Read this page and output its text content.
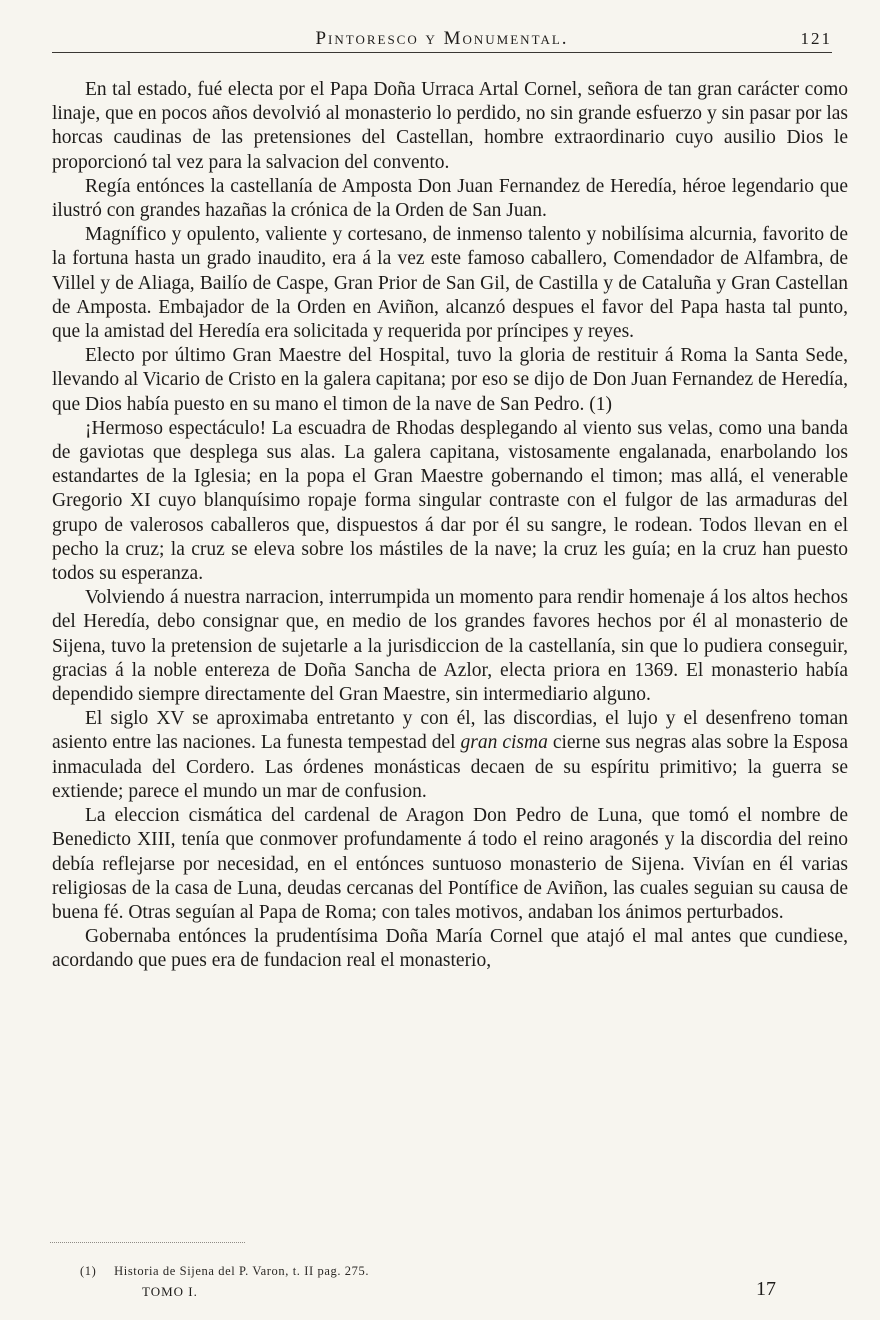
Pintoresco y Monumental.	121

En tal estado, fué electa por el Papa Doña Urraca Artal Cornel, señora de tan gran carácter como linaje, que en pocos años devolvió al monasterio lo perdido, no sin grande esfuerzo y sin pasar por las horcas caudinas de las pretensiones del Castellan, hombre extraordinario cuyo ausilio Dios le proporcionó tal vez para la salvacion del convento.

Regía entónces la castellanía de Amposta Don Juan Fernandez de Heredía, héroe legendario que ilustró con grandes hazañas la crónica de la Orden de San Juan.

Magnífico y opulento, valiente y cortesano, de inmenso talento y nobilísima alcurnia, favorito de la fortuna hasta un grado inaudito, era á la vez este famoso caballero, Comendador de Alfambra, de Villel y de Aliaga, Bailío de Caspe, Gran Prior de San Gil, de Castilla y de Cataluña y Gran Castellan de Amposta. Embajador de la Orden en Aviñon, alcanzó despues el favor del Papa hasta tal punto, que la amistad del Heredía era solicitada y requerida por príncipes y reyes.

Electo por último Gran Maestre del Hospital, tuvo la gloria de restituir á Roma la Santa Sede, llevando al Vicario de Cristo en la galera capitana; por eso se dijo de Don Juan Fernandez de Heredía, que Dios había puesto en su mano el timon de la nave de San Pedro. (1)

¡Hermoso espectáculo! La escuadra de Rhodas desplegando al viento sus velas, como una banda de gaviotas que desplega sus alas. La galera capitana, vistosamente engalanada, enarbolando los estandartes de la Iglesia; en la popa el Gran Maestre gobernando el timon; mas allá, el venerable Gregorio XI cuyo blanquísimo ropaje forma singular contraste con el fulgor de las armaduras del grupo de valerosos caballeros que, dispuestos á dar por él su sangre, le rodean. Todos llevan en el pecho la cruz; la cruz se eleva sobre los mástiles de la nave; la cruz les guía; en la cruz han puesto todos su esperanza.

Volviendo á nuestra narracion, interrumpida un momento para rendir homenaje á los altos hechos del Heredía, debo consignar que, en medio de los grandes favores hechos por él al monasterio de Sijena, tuvo la pretension de sujetarle a la jurisdiccion de la castellanía, sin que lo pudiera conseguir, gracias á la noble entereza de Doña Sancha de Azlor, electa priora en 1369. El monasterio había dependido siempre directamente del Gran Maestre, sin intermediario alguno.

El siglo XV se aproximaba entretanto y con él, las discordias, el lujo y el desenfreno toman asiento entre las naciones. La funesta tempestad del gran cisma cierne sus negras alas sobre la Esposa inmaculada del Cordero. Las órdenes monásticas decaen de su espíritu primitivo; la guerra se extiende; parece el mundo un mar de confusion.

La eleccion cismática del cardenal de Aragon Don Pedro de Luna, que tomó el nombre de Benedicto XIII, tenía que conmover profundamente á todo el reino aragonés y la discordia del reino debía reflejarse por necesidad, en el entónces suntuoso monasterio de Sijena. Vivían en él varias religiosas de la casa de Luna, deudas cercanas del Pontífice de Aviñon, las cuales seguian su causa de buena fé. Otras seguían al Papa de Roma; con tales motivos, andaban los ánimos perturbados.

Gobernaba entónces la prudentísima Doña María Cornel que atajó el mal antes que cundiese, acordando que pues era de fundacion real el monasterio,

(1) Historia de Sijena del P. Varon, t. II pag. 275.
TOMO I.	17
